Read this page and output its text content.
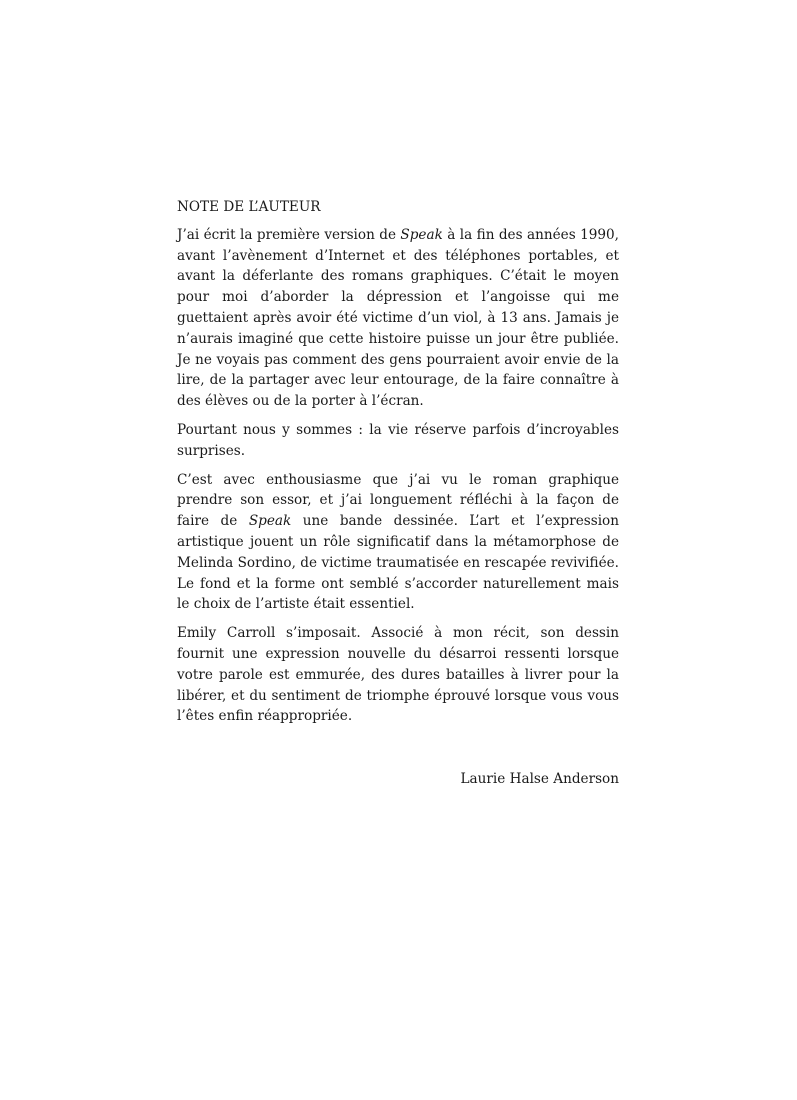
NOTE DE L’AUTEUR

J’ai écrit la première version de Speak à la fin des années 1990, avant l’avènement d’Internet et des téléphones portables, et avant la déferlante des romans graphiques. C’était le moyen pour moi d’aborder la dépression et l’angoisse qui me guettaient après avoir été victime d’un viol, à 13 ans. Jamais je n’aurais imaginé que cette histoire puisse un jour être publiée. Je ne voyais pas comment des gens pourraient avoir envie de la lire, de la partager avec leur entourage, de la faire connaître à des élèves ou de la porter à l’écran.

Pourtant nous y sommes : la vie réserve parfois d’incroyables surprises.

C’est avec enthousiasme que j’ai vu le roman graphique prendre son essor, et j’ai longuement réfléchi à la façon de faire de Speak une bande dessinée. L’art et l’expression artistique jouent un rôle significatif dans la métamorphose de Melinda Sordino, de victime traumatisée en rescapée revivifiée. Le fond et la forme ont semblé s’accorder naturellement mais le choix de l’artiste était essentiel.

Emily Carroll s’imposait. Associé à mon récit, son dessin fournit une expression nouvelle du désarroi ressenti lorsque votre parole est emmurée, des dures batailles à livrer pour la libérer, et du sentiment de triomphe éprouvé lorsque vous vous l’êtes enfin réappropriée.

Laurie Halse Anderson
